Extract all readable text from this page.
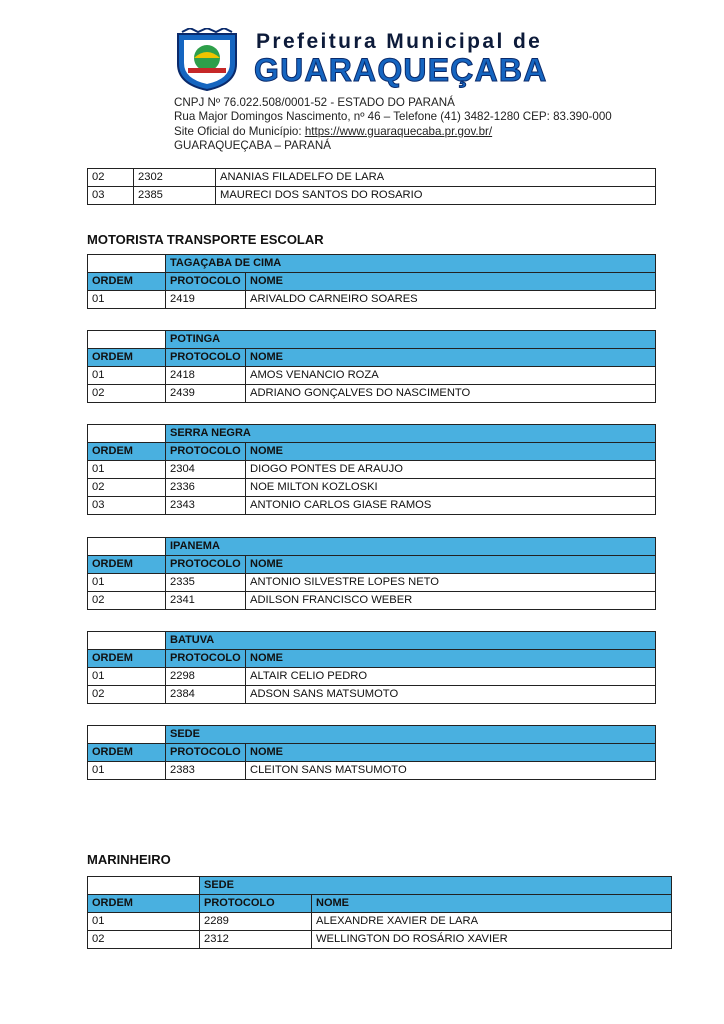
Prefeitura Municipal de
GUARAQUEÇABA
CNPJ Nº 76.022.508/0001-52 - ESTADO DO PARANÁ
Rua Major Domingos Nascimento, nº 46 – Telefone (41) 3482-1280 CEP: 83.390-000
Site Oficial do Município: https://www.guaraquecaba.pr.gov.br/
GUARAQUEÇABA – PARANÁ
02	2302	ANANIAS FILADELFO DE LARA
03	2385	MAURECI DOS SANTOS DO ROSARIO
MOTORISTA TRANSPORTE ESCOLAR
	TAGAÇABA DE CIMA	
ORDEM	PROTOCOLO	NOME
01	2419	ARIVALDO CARNEIRO SOARES
	POTINGA	
ORDEM	PROTOCOLO	NOME
01	2418	AMOS VENANCIO ROZA
02	2439	ADRIANO GONÇALVES DO NASCIMENTO
	SERRA NEGRA	
ORDEM	PROTOCOLO	NOME
01	2304	DIOGO PONTES DE ARAUJO
02	2336	NOE MILTON KOZLOSKI
03	2343	ANTONIO CARLOS GIASE RAMOS
	IPANEMA	
ORDEM	PROTOCOLO	NOME
01	2335	ANTONIO SILVESTRE LOPES NETO
02	2341	ADILSON FRANCISCO WEBER
	BATUVA	
ORDEM	PROTOCOLO	NOME
01	2298	ALTAIR CELIO PEDRO
02	2384	ADSON SANS MATSUMOTO
	SEDE	
ORDEM	PROTOCOLO	NOME
01	2383	CLEITON SANS MATSUMOTO
	SEDE	
ORDEM	PROTOCOLO	NOME
01	2289	ALEXANDRE XAVIER DE LARA
02	2312	WELLINGTON DO ROSÁRIO XAVIER
MARINHEIRO
